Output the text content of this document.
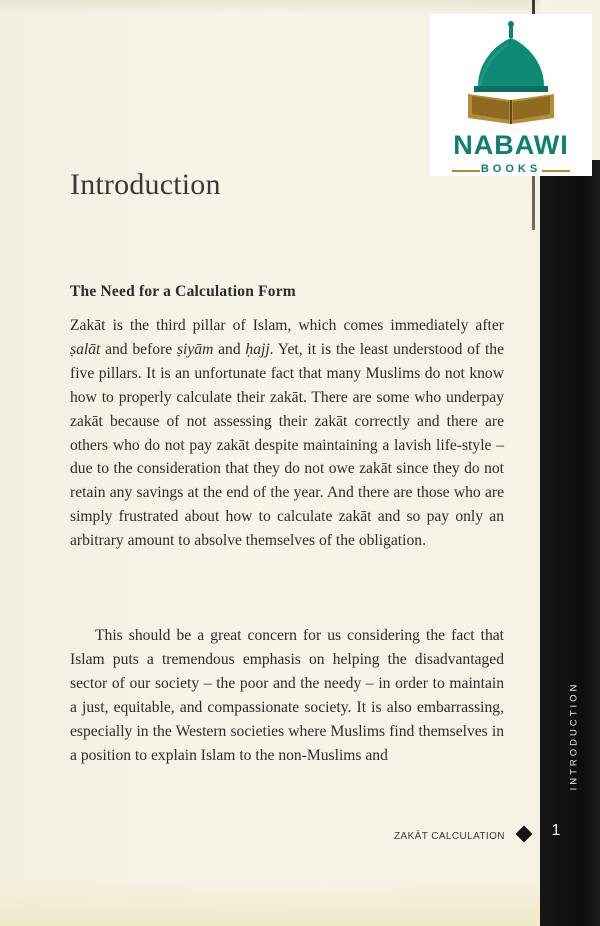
NABAWI
BOOKS
Introduction
The Need for a Calculation Form

Zakāt is the third pillar of Islam, which comes immediately after ṣalāt and before ṣiyām and ḥajj. Yet, it is the least understood of the five pillars. It is an unfortunate fact that many Muslims do not know how to properly calculate their zakāt. There are some who underpay zakāt because of not assessing their zakāt correctly and there are others who do not pay zakāt despite maintaining a lavish life-style – due to the consideration that they do not owe zakāt since they do not retain any savings at the end of the year. And there are those who are simply frustrated about how to calculate zakāt and so pay only an arbitrary amount to absolve themselves of the obligation.

This should be a great concern for us considering the fact that Islam puts a tremendous emphasis on helping the disadvantaged sector of our society – the poor and the needy – in order to maintain a just, equitable, and compassionate society. It is also embarrassing, especially in the Western societies where Muslims find themselves in a position to explain Islam to the non-Muslims and	INTRODUCTION
ZAKĀT CALCULATION	1
